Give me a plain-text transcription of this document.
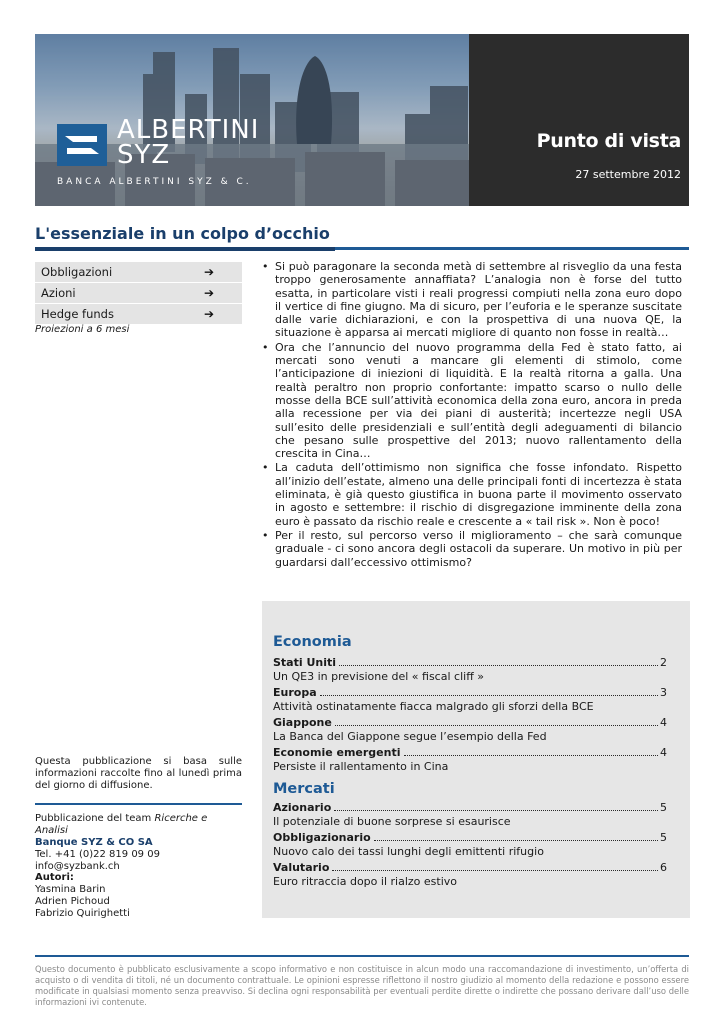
ALBERTINI
SYZ
BANCA ALBERTINI SYZ & C.
Punto di vista
27 settembre 2012
L'essenziale in un colpo d’occhio
Obbligazioni	➔
Azioni	➔
Hedge funds	➔
Proiezioni a 6 mesi
• Si può paragonare la seconda metà di settembre al risveglio da una festa troppo generosamente annaffiata? L’analogia non è forse del tutto esatta, in particolare visti i reali progressi compiuti nella zona euro dopo il vertice di fine giugno. Ma di sicuro, per l’euforia e le speranze suscitate dalle varie dichiarazioni, e con la prospettiva di una nuova QE, la situazione è apparsa ai mercati migliore di quanto non fosse in realtà…
• Ora che l’annuncio del nuovo programma della Fed è stato fatto, ai mercati sono venuti a mancare gli elementi di stimolo, come l’anticipazione di iniezioni di liquidità. E la realtà ritorna a galla. Una realtà peraltro non proprio confortante: impatto scarso o nullo delle mosse della BCE sull’attività economica della zona euro, ancora in preda alla recessione per via dei piani di austerità; incertezze negli USA sull’esito delle presidenziali e sull’entità degli adeguamenti di bilancio che pesano sulle prospettive del 2013; nuovo rallentamento della crescita in Cina…
• La caduta dell’ottimismo non significa che fosse infondato. Rispetto all’inizio dell’estate, almeno una delle principali fonti di incertezza è stata eliminata, è già questo giustifica in buona parte il movimento osservato in agosto e settembre: il rischio di disgregazione imminente della zona euro è passato da rischio reale e crescente a « tail risk ». Non è poco!
• Per il resto, sul percorso verso il miglioramento – che sarà comunque graduale - ci sono ancora degli ostacoli da superare. Un motivo in più per guardarsi dall’eccessivo ottimismo?
Questa pubblicazione si basa sulle informazioni raccolte fino al lunedì prima del giorno di diffusione.
Pubblicazione del team Ricerche e Analisi
Banque SYZ & CO SA
Tel. +41 (0)22 819 09 09
info@syzbank.ch
Autori:
Yasmina Barin
Adrien Pichoud
Fabrizio Quirighetti
Economia
Stati Uniti	2
Un QE3 in previsione del « fiscal cliff »
Europa	3
Attività ostinatamente fiacca malgrado gli sforzi della BCE
Giappone	4
La Banca del Giappone segue l’esempio della Fed
Economie emergenti	4
Persiste il rallentamento in Cina
Mercati
Azionario	5
Il potenziale di buone sorprese si esaurisce
Obbligazionario	5
Nuovo calo dei tassi lunghi degli emittenti rifugio
Valutario	6
Euro ritraccia dopo il rialzo estivo
Questo documento è pubblicato esclusivamente a scopo informativo e non costituisce in alcun modo una raccomandazione di investimento, un’offerta di acquisto o di vendita di titoli, né un documento contrattuale. Le opinioni espresse riflettono il nostro giudizio al momento della redazione e possono essere modificate in qualsiasi momento senza preavviso. Si declina ogni responsabilità per eventuali perdite dirette o indirette che possano derivare dall’uso delle informazioni ivi contenute.
